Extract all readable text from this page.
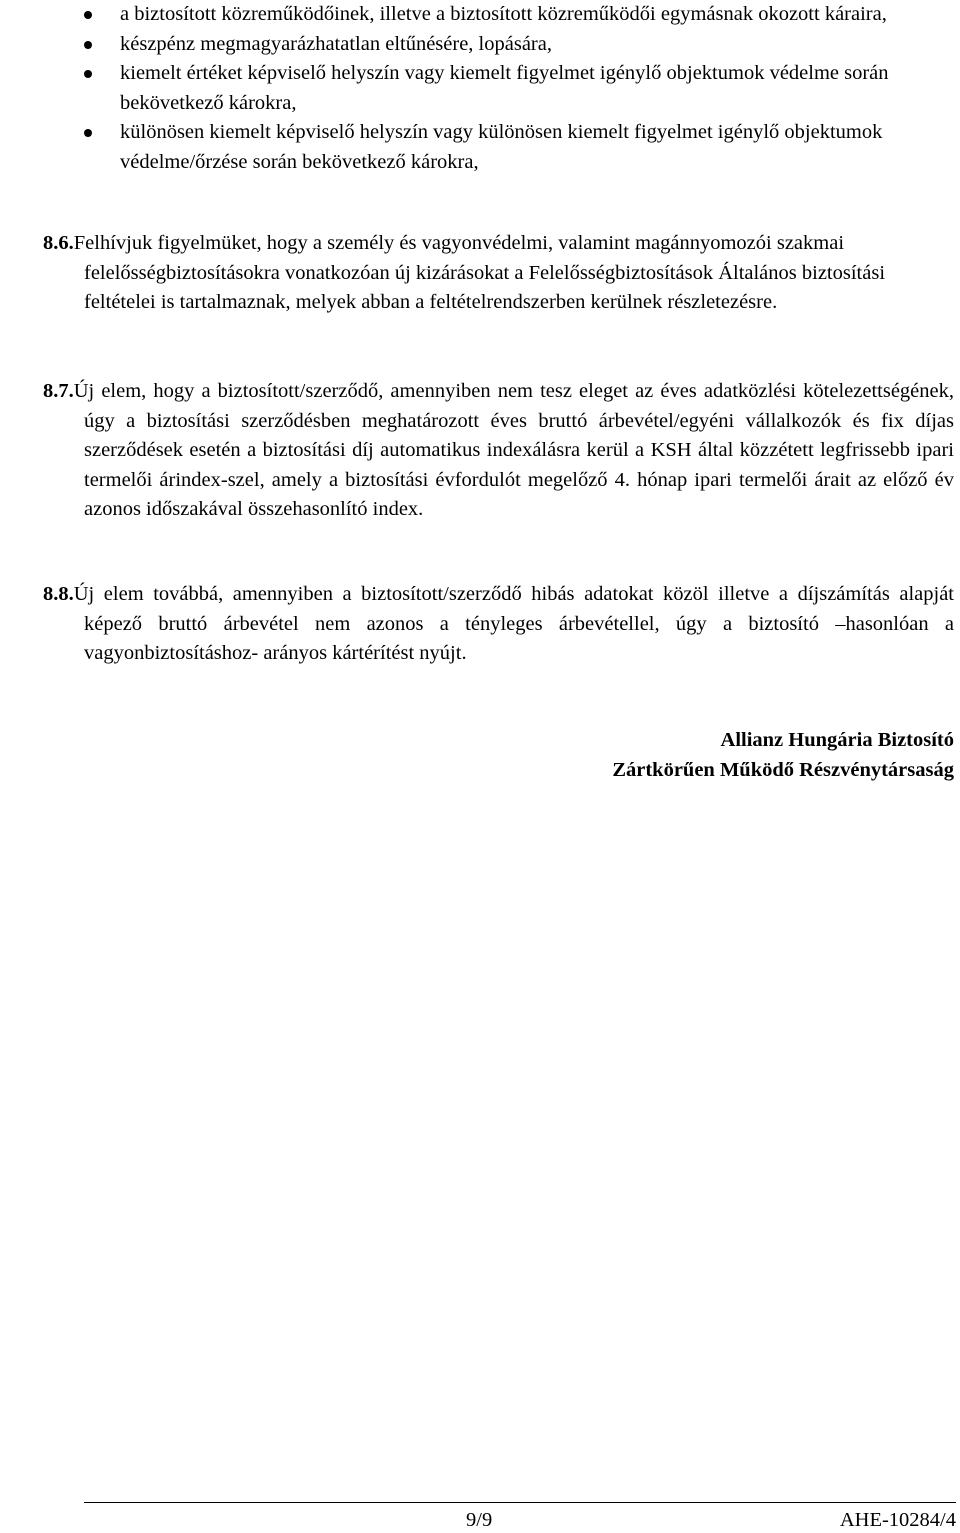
a biztosított közreműködőinek, illetve a biztosított közreműködői egymásnak okozott káraira,
készpénz megmagyarázhatatlan eltűnésére, lopására,
kiemelt értéket képviselő helyszín vagy kiemelt figyelmet igénylő objektumok védelme során bekövetkező károkra,
különösen kiemelt képviselő helyszín vagy különösen kiemelt figyelmet igénylő objektumok védelme/őrzése során bekövetkező károkra,

8.6.Felhívjuk figyelmüket, hogy a személy és vagyonvédelmi, valamint magánnyomozói szakmai felelősségbiztosításokra vonatkozóan új kizárásokat a Felelősségbiztosítások Általános biztosítási feltételei is tartalmaznak, melyek abban a feltételrendszerben kerülnek részletezésre.

8.7.Új elem, hogy a biztosított/szerződő, amennyiben nem tesz eleget az éves adatközlési kötelezettségének, úgy a biztosítási szerződésben meghatározott éves bruttó árbevétel/egyéni vállalkozók és fix díjas szerződések esetén a biztosítási díj automatikus indexálásra kerül a KSH által közzétett legfrissebb ipari termelői árindex-szel, amely a biztosítási évfordulót megelőző 4. hónap ipari termelői árait az előző év azonos időszakával összehasonlító index.

8.8.Új elem továbbá, amennyiben a biztosított/szerződő hibás adatokat közöl illetve a díjszámítás alapját képező bruttó árbevétel nem azonos a tényleges árbevétellel, úgy a biztosító –hasonlóan a vagyonbiztosításhoz- arányos kártérítést nyújt.

Allianz Hungária Biztosító
Zártkörűen Működő Részvénytársaság
9/9	AHE-10284/4
